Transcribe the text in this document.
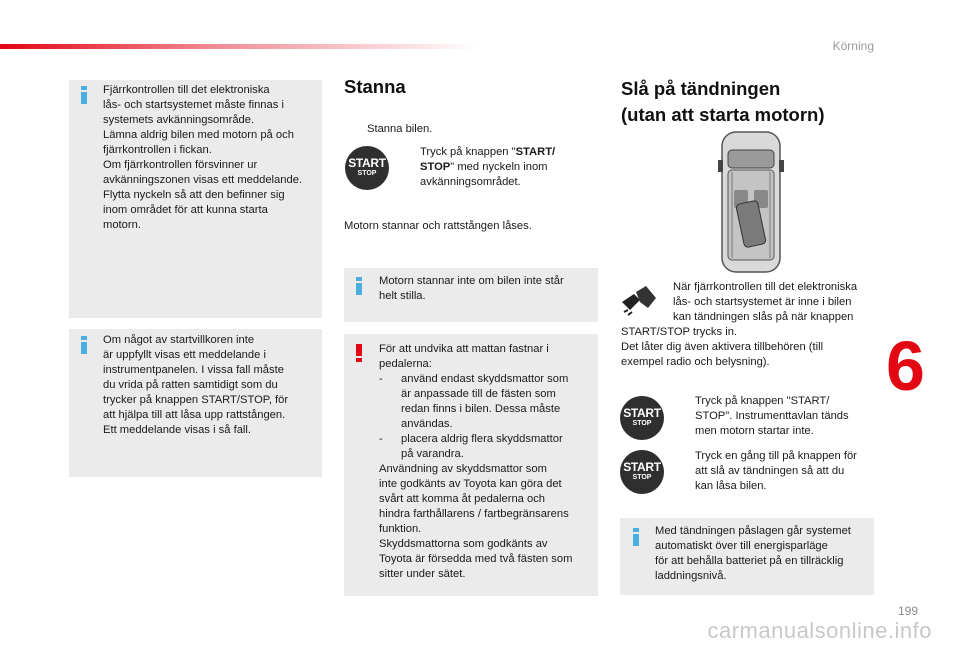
Körning
6
199
carmanualsonline.info
Fjärrkontrollen till det elektroniska
lås- och startsystemet måste finnas i
systemets avkänningsområde.
Lämna aldrig bilen med motorn på och
fjärrkontrollen i fickan.
Om fjärrkontrollen försvinner ur
avkänningszonen visas ett meddelande.
Flytta nyckeln så att den befinner sig
inom området för att kunna starta
motorn.
Om något av startvillkoren inte
är uppfyllt visas ett meddelande i
instrumentpanelen. I vissa fall måste
du vrida på ratten samtidigt som du
trycker på knappen START/STOP, för
att hjälpa till att låsa upp rattstången.
Ett meddelande visas i så fall.
Stanna
Stanna bilen.
START
STOP
Tryck på knappen "START/
STOP" med nyckeln inom
avkänningsområdet.
Motorn stannar och rattstången låses.
Motorn stannar inte om bilen inte står
helt stilla.
För att undvika att mattan fastnar i
pedalerna:
- använd endast skyddsmattor som
är anpassade till de fästen som
redan finns i bilen. Dessa måste
användas.
- placera aldrig flera skyddsmattor
på varandra.
Användning av skyddsmattor som
inte godkänts av Toyota kan göra det
svårt att komma åt pedalerna och
hindra farthållarens / fartbegränsarens
funktion.
Skyddsmattorna som godkänts av
Toyota är försedda med två fästen som
sitter under sätet.
Slå på tändningen
(utan att starta motorn)
När fjärrkontrollen till det elektroniska
lås- och startsystemet är inne i bilen
kan tändningen slås på när knappen
START/STOP trycks in.
Det låter dig även aktivera tillbehören (till
exempel radio och belysning).
START
STOP
Tryck på knappen "START/
STOP". Instrumenttavlan tänds
men motorn startar inte.
START
STOP
Tryck en gång till på knappen för
att slå av tändningen så att du
kan låsa bilen.
Med tändningen påslagen går systemet
automatiskt över till energisparläge
för att behålla batteriet på en tillräcklig
laddningsnivå.
